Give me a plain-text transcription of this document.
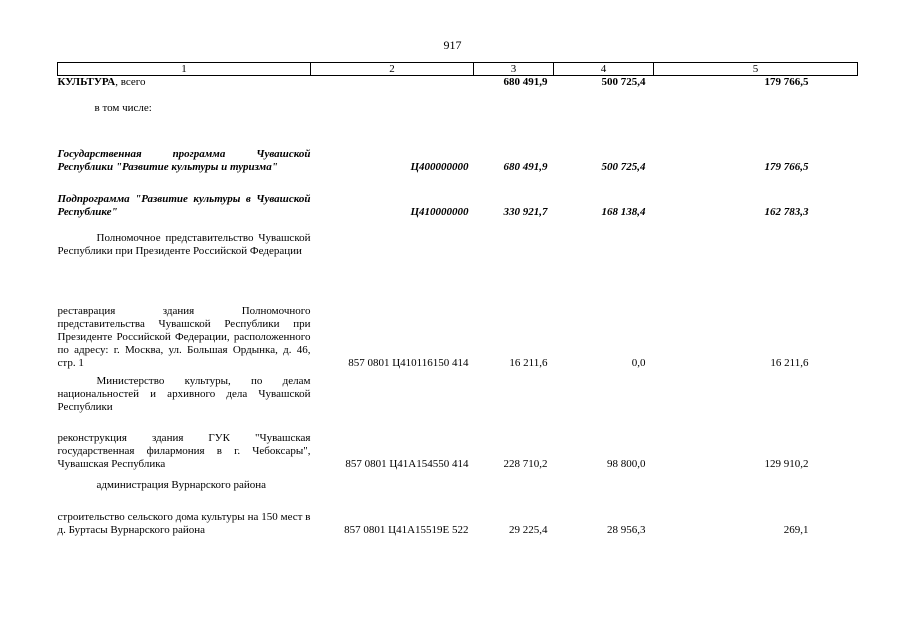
917
1	2	3	4	5
КУЛЬТУРА, всего		680 491,9	500 725,4	179 766,5
в том числе:				
Государственная программа Чувашской Республики "Развитие культуры и туризма"	Ц400000000	680 491,9	500 725,4	179 766,5
Подпрограмма "Развитие культуры в Чувашской Республике"	Ц410000000	330 921,7	168 138,4	162 783,3
Полномочное представительство Чувашской Республики при Президенте Российской Федерации				
реставрация здания Полномочного представительства Чувашской Республики при Президенте Российской Федерации, расположенного по адресу: г. Москва, ул. Большая Ордынка, д. 46, стр. 1	857 0801 Ц410116150 414	16 211,6	0,0	16 211,6
Министерство культуры, по делам национальностей и архивного дела Чувашской Республики				
реконструкция здания ГУК "Чувашская государственная филармония в г. Чебоксары", Чувашская Республика	857 0801 Ц41А154550 414	228 710,2	98 800,0	129 910,2
администрация Вурнарского района				
строительство сельского дома культуры на 150 мест в д. Буртасы Вурнарского района	857 0801 Ц41А15519Е 522	29 225,4	28 956,3	269,1
